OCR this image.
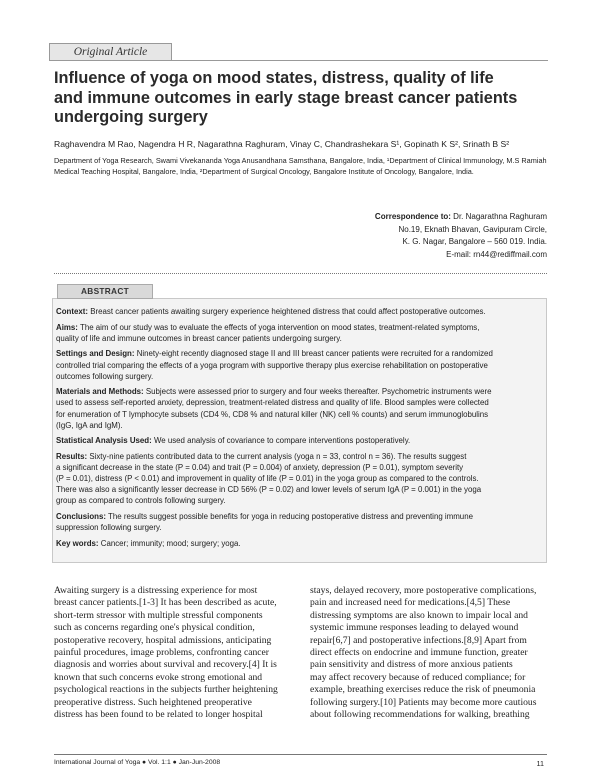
Original Article
Influence of yoga on mood states, distress, quality of life
and immune outcomes in early stage breast cancer patients
undergoing surgery
Raghavendra M Rao, Nagendra H R, Nagarathna Raghuram, Vinay C, Chandrashekara S¹, Gopinath K S², Srinath B S²
Department of Yoga Research, Swami Vivekananda Yoga Anusandhana Samsthana, Bangalore, India, ¹Department of Clinical Immunology, M.S Ramiah Medical Teaching Hospital, Bangalore, India, ²Department of Surgical Oncology, Bangalore Institute of Oncology, Bangalore, India.
Correspondence to: Dr. Nagarathna Raghuram
No.19, Eknath Bhavan, Gavipuram Circle,
K. G. Nagar, Bangalore – 560 019. India.
E-mail: rn44@rediffmail.com
ABSTRACT

Context: Breast cancer patients awaiting surgery experience heightened distress that could affect postoperative outcomes.

Aims: The aim of our study was to evaluate the effects of yoga intervention on mood states, treatment-related symptoms,
quality of life and immune outcomes in breast cancer patients undergoing surgery.

Settings and Design: Ninety-eight recently diagnosed stage II and III breast cancer patients were recruited for a randomized
controlled trial comparing the effects of a yoga program with supportive therapy plus exercise rehabilitation on postoperative
outcomes following surgery.

Materials and Methods: Subjects were assessed prior to surgery and four weeks thereafter. Psychometric instruments were
used to assess self-reported anxiety, depression, treatment-related distress and quality of life. Blood samples were collected
for enumeration of T lymphocyte subsets (CD4 %, CD8 % and natural killer (NK) cell % counts) and serum immunoglobulins
(IgG, IgA and IgM).

Statistical Analysis Used: We used analysis of covariance to compare interventions postoperatively.

Results: Sixty-nine patients contributed data to the current analysis (yoga n = 33, control n = 36). The results suggest
a significant decrease in the state (P = 0.04) and trait (P = 0.004) of anxiety, depression (P = 0.01), symptom severity
(P = 0.01), distress (P < 0.01) and improvement in quality of life (P = 0.01) in the yoga group as compared to the controls.
There was also a significantly lesser decrease in CD 56% (P = 0.02) and lower levels of serum IgA (P = 0.001) in the yoga
group as compared to controls following surgery.

Conclusions: The results suggest possible benefits for yoga in reducing postoperative distress and preventing immune
suppression following surgery.

Key words: Cancer; immunity; mood; surgery; yoga.

Awaiting surgery is a distressing experience for most
breast cancer patients.[1-3] It has been described as acute,
short-term stressor with multiple stressful components
such as concerns regarding one's physical condition,
postoperative recovery, hospital admissions, anticipating
painful procedures, image problems, confronting cancer
diagnosis and worries about survival and recovery.[4] It is
known that such concerns evoke strong emotional and
psychological reactions in the subjects further heightening
preoperative distress. Such heightened preoperative
distress has been found to be related to longer hospital
stays, delayed recovery, more postoperative complications,
pain and increased need for medications.[4,5] These
distressing symptoms are also known to impair local and
systemic immune responses leading to delayed wound
repair[6,7] and postoperative infections.[8,9] Apart from
direct effects on endocrine and immune function, greater
pain sensitivity and distress of more anxious patients
may affect recovery because of reduced compliance; for
example, breathing exercises reduce the risk of pneumonia
following surgery.[10] Patients may become more cautious
about following recommendations for walking, breathing
International Journal of Yoga ● Vol. 1:1 ● Jan-Jun-2008	11
